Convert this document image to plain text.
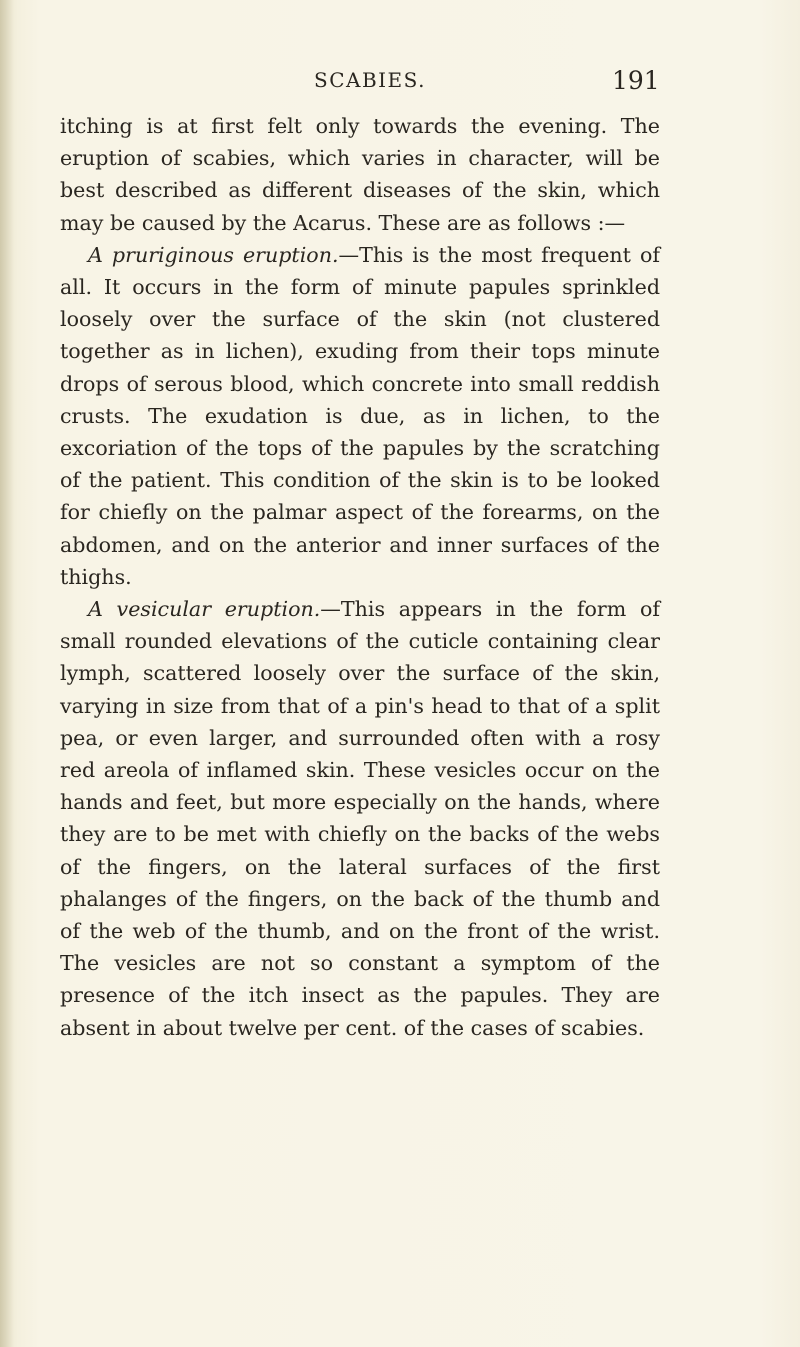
SCABIES.	191

itching is at first felt only towards the evening. The eruption of scabies, which varies in character, will be best described as different diseases of the skin, which may be caused by the Acarus. These are as follows :—

A pruriginous eruption.—This is the most frequent of all. It occurs in the form of minute papules sprinkled loosely over the surface of the skin (not clustered together as in lichen), exuding from their tops minute drops of serous blood, which concrete into small reddish crusts. The exudation is due, as in lichen, to the excoriation of the tops of the papules by the scratching of the patient. This condition of the skin is to be looked for chiefly on the palmar aspect of the forearms, on the abdomen, and on the anterior and inner surfaces of the thighs.

A vesicular eruption.—This appears in the form of small rounded elevations of the cuticle containing clear lymph, scattered loosely over the surface of the skin, varying in size from that of a pin's head to that of a split pea, or even larger, and surrounded often with a rosy red areola of inflamed skin. These vesicles occur on the hands and feet, but more especially on the hands, where they are to be met with chiefly on the backs of the webs of the fingers, on the lateral surfaces of the first phalanges of the fingers, on the back of the thumb and of the web of the thumb, and on the front of the wrist. The vesicles are not so constant a symptom of the presence of the itch insect as the papules. They are absent in about twelve per cent. of the cases of scabies.
